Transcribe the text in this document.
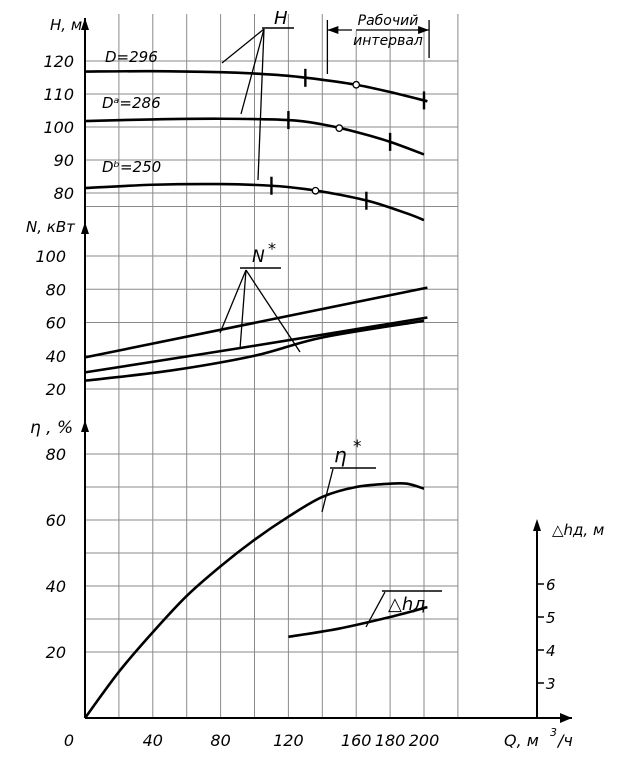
H	Рабочий
интервал
N *
η *
△hд
0	40	80	120 160 180 200	Q, м 3 /ч
80
90
100
110
120
20
40
60
80
100
20
40
60
80
3
4
5
6
H, м
N, кВт
η , %
△hд, м
D=296
Dᵃ=286
Dᵇ=250
